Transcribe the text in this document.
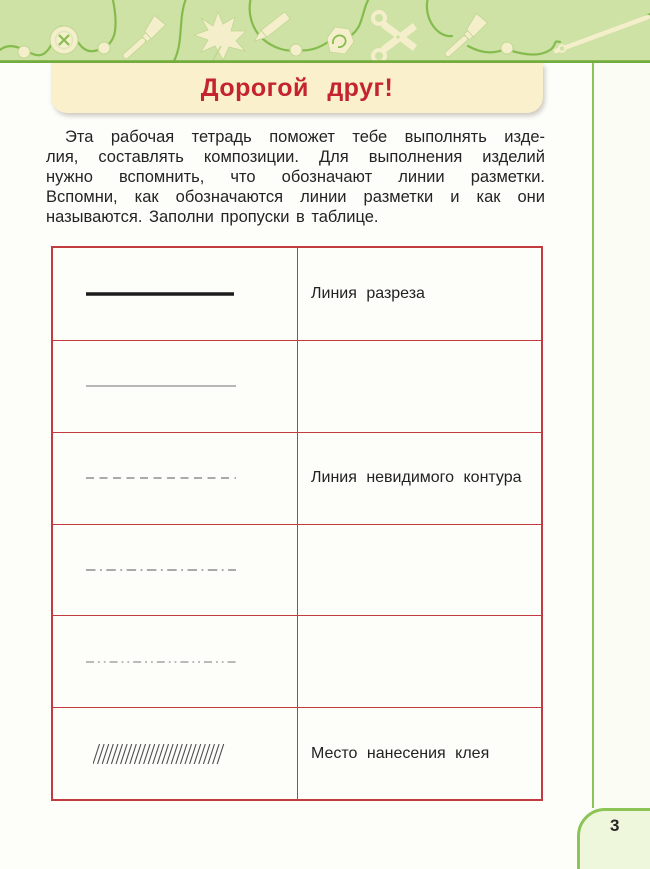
Дорогой друг!
Эта рабочая тетрадь поможет тебе выполнять изде-
лия, составлять композиции. Для выполнения изделий
нужно вспомнить, что обозначают линии разметки.
Вспомни, как обозначаются линии разметки и как они
называются. Заполни пропуски в таблице.
Линия разреза
Линия невидимого контура
Место нанесения клея
3
